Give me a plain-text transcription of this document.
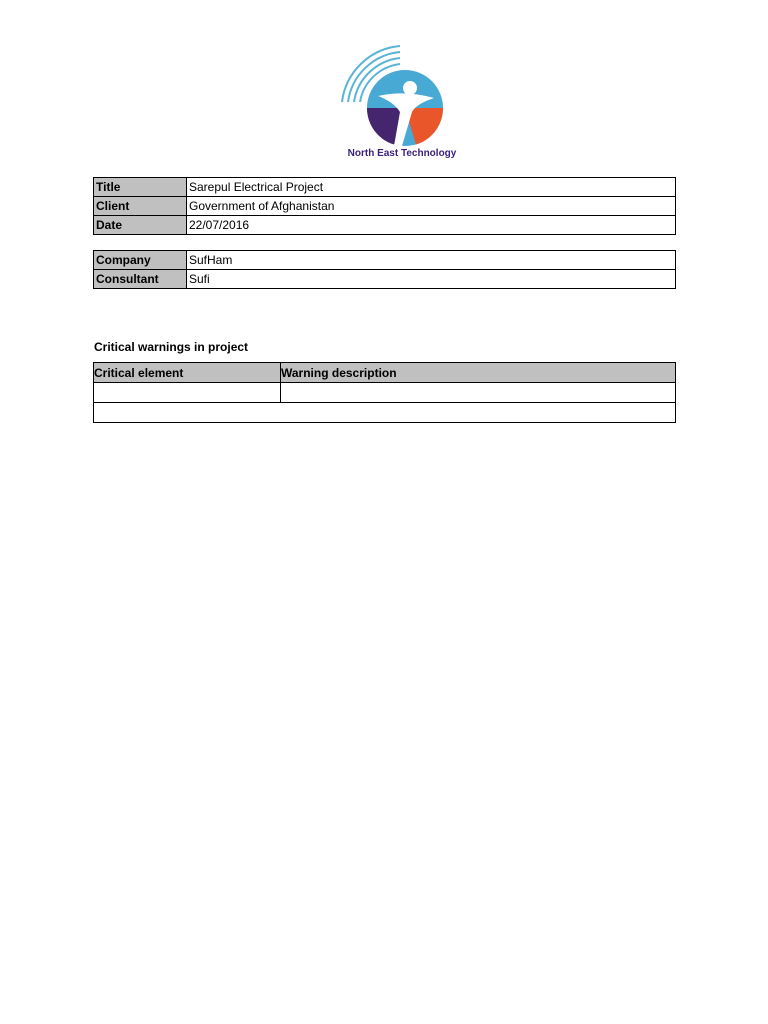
North East Technology
Title	Sarepul Electrical Project
Client	Government of Afghanistan
Date	22/07/2016
Company	SufHam
Consultant	Sufi
Critical warnings in project
Critical element	Warning description
